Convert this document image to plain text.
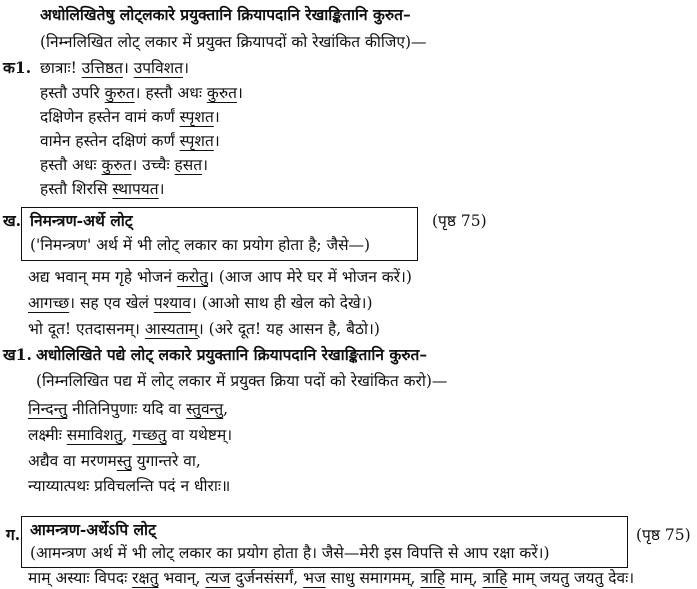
अधोलिखितेषु लोट्लकारे प्रयुक्तानि क्रियापदानि रेखाङ्कितानि कुरुत–
(निम्नलिखित लोट् लकार में प्रयुक्त क्रियापदों को रेखांकित कीजिए)—
क1. छात्राः! उत्तिष्ठत। उपविशत।
हस्तौ उपरि कुरुत। हस्तौ अधः कुरुत।
दक्षिणेन हस्तेन वामं कर्णं स्पृशत।
वामेन हस्तेन दक्षिणं कर्णं स्पृशत।
हस्तौ अधः कुरुत। उच्चैः हसत।
हस्तौ शिरसि स्थापयत।
ख. निमन्त्रण-अर्थे लोट्
('निमन्त्रण' अर्थ में भी लोट् लकार का प्रयोग होता है; जैसे—)
(पृष्ठ 75)
अद्य भवान् मम गृहे भोजनं करोतु। (आज आप मेरे घर में भोजन करें।)
आगच्छ। सह एव खेलं पश्याव। (आओ साथ ही खेल को देखे।)
भो दूत! एतदासनम्। आस्यताम्। (अरे दूत! यह आसन है, बैठो।)
ख1. अधोलिखिते पद्ये लोट् लकारे प्रयुक्तानि क्रियापदानि रेखाङ्कितानि कुरुत–
(निम्नलिखित पद्य में लोट् लकार में प्रयुक्त क्रिया पदों को रेखांकित करो)—
निन्दन्तु नीतिनिपुणाः यदि वा स्तुवन्तु,
लक्ष्मीः समाविशतु, गच्छतु वा यथेष्टम्।
अद्यैव वा मरणमस्तु युगान्तरे वा,
न्याय्यात्पथः प्रविचलन्ति पदं न धीराः॥
ग. आमन्त्रण-अर्थेऽपि लोट्
(आमन्त्रण अर्थ में भी लोट् लकार का प्रयोग होता है। जैसे—मेरी इस विपत्ति से आप रक्षा करें।)
(पृष्ठ 75)
माम् अस्याः विपदः रक्षतु भवान्, त्यज दुर्जनसंसर्गं, भज साधु समागमम्, त्राहि माम्, त्राहि माम् जयतु जयतु देवः।
